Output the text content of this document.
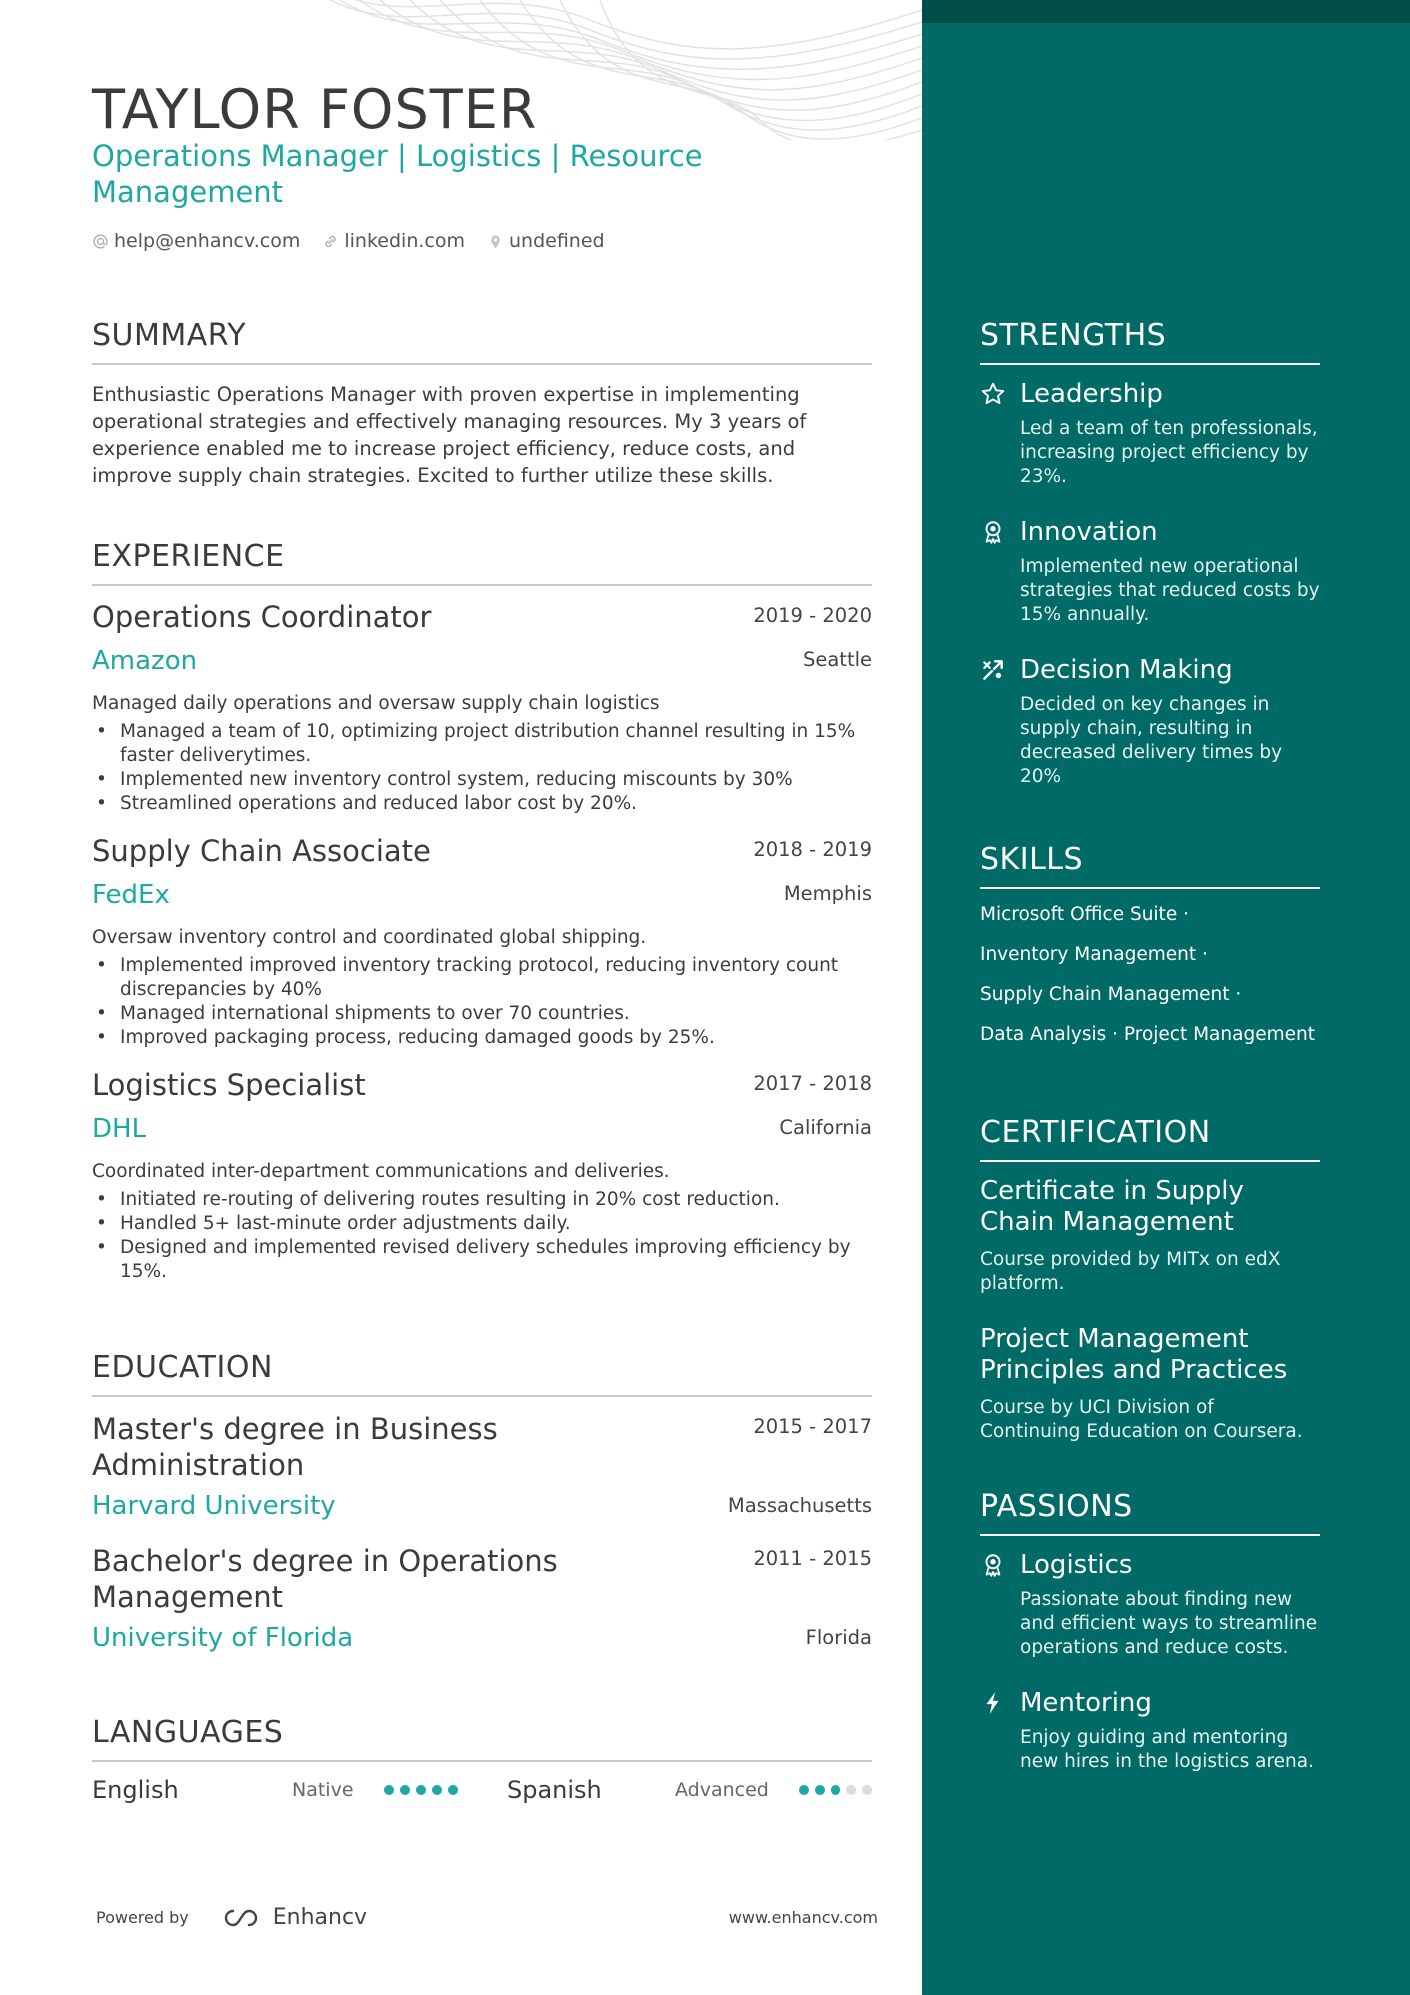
TAYLOR FOSTER
Operations Manager | Logistics | Resource Management
help@enhancv.com linkedin.com undefined
SUMMARY
Enthusiastic Operations Manager with proven expertise in implementing operational strategies and effectively managing resources. My 3 years of experience enabled me to increase project efficiency, reduce costs, and improve supply chain strategies. Excited to further utilize these skills.
EXPERIENCE
Operations Coordinator	2019 - 2020
Amazon	Seattle
Managed daily operations and oversaw supply chain logistics
• Managed a team of 10, optimizing project distribution channel resulting in 15% faster deliverytimes.
• Implemented new inventory control system, reducing miscounts by 30%
• Streamlined operations and reduced labor cost by 20%.
Supply Chain Associate	2018 - 2019
FedEx	Memphis
Oversaw inventory control and coordinated global shipping.
• Implemented improved inventory tracking protocol, reducing inventory count discrepancies by 40%
• Managed international shipments to over 70 countries.
• Improved packaging process, reducing damaged goods by 25%.
Logistics Specialist	2017 - 2018
DHL	California
Coordinated inter-department communications and deliveries.
• Initiated re-routing of delivering routes resulting in 20% cost reduction.
• Handled 5+ last-minute order adjustments daily.
• Designed and implemented revised delivery schedules improving efficiency by 15%.
EDUCATION
Master's degree in Business Administration
2015 - 2017
Harvard University	Massachusetts
Bachelor's degree in Operations Management
2011 - 2015
University of Florida	Florida
LANGUAGES
English	Native	Spanish	Advanced
Powered by	Enhancv	www.enhancv.com
STRENGTHS
Leadership
Led a team of ten professionals, increasing project efficiency by 23%.
Innovation
Implemented new operational strategies that reduced costs by 15% annually.
Decision Making
Decided on key changes in supply chain, resulting in decreased delivery times by 20%
SKILLS
Microsoft Office Suite ·
Inventory Management ·
Supply Chain Management ·
Data Analysis · Project Management
CERTIFICATION
Certificate in Supply Chain Management
Course provided by MITx on edX platform.
Project Management Principles and Practices
Course by UCI Division of Continuing Education on Coursera.
PASSIONS
Logistics
Passionate about finding new and efficient ways to streamline operations and reduce costs.
Mentoring
Enjoy guiding and mentoring new hires in the logistics arena.
